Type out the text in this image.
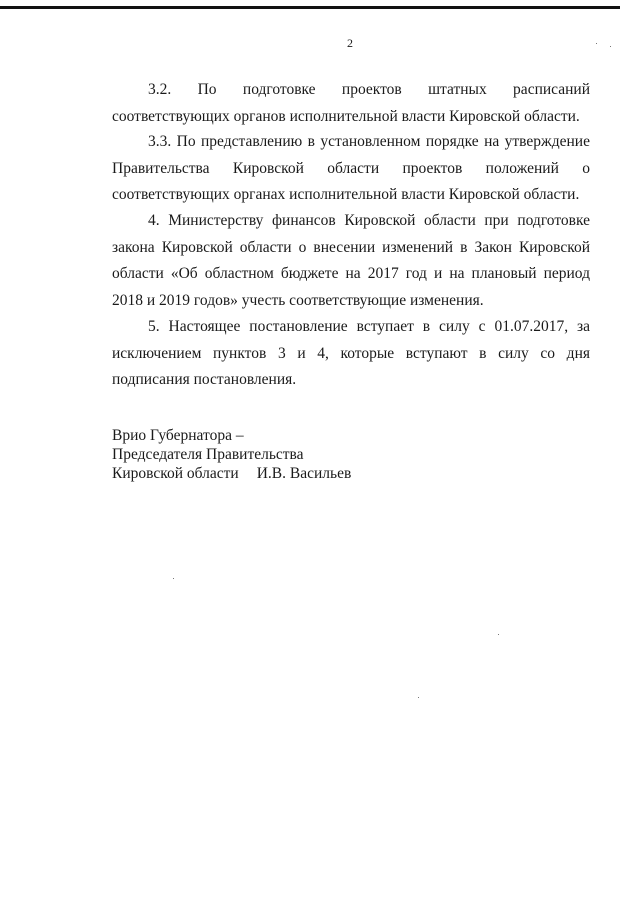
2

3.2. По подготовке проектов штатных расписаний соответствующих органов исполнительной власти Кировской области.

3.3. По представлению в установленном порядке на утверждение Правительства Кировской области проектов положений о соответствующих органах исполнительной власти Кировской области.

4. Министерству финансов Кировской области при подготовке закона Кировской области о внесении изменений в Закон Кировской области «Об областном бюджете на 2017 год и на плановый период 2018 и 2019 годов» учесть соответствующие изменения.

5. Настоящее постановление вступает в силу с 01.07.2017, за исключением пунктов 3 и 4, которые вступают в силу со дня подписания постановления.

Врио Губернатора –
Председателя Правительства
Кировской области И.В. Васильев
